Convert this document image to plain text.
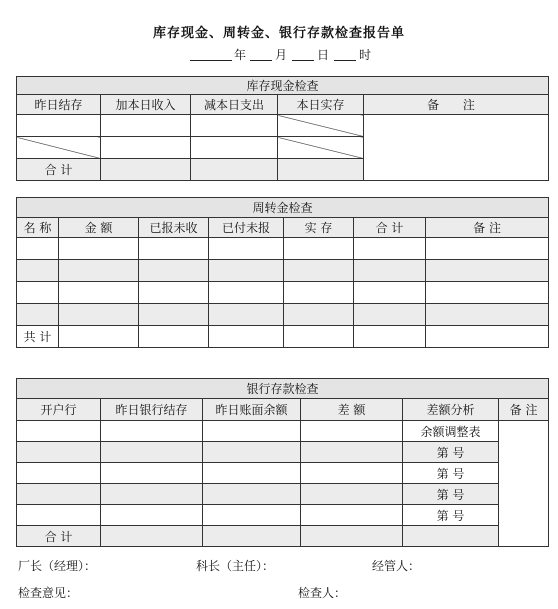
库存现金、周转金、银行存款检查报告单
年 月 日 时
库存现金检查				
昨日结存	加本日收入	减本日支出	本日实存	备 注

合 计				
周转金检查						
名 称	金 额	已报未收	已付未报	实 存	合 计	备 注

共 计						
银行存款检查					
开户行	昨日银行结存	昨日账面余额	差 额	差额分析	备 注
				余额调整表	
				第 号	
				第 号	
				第 号	
				第 号	
合 计					
厂长（经理）：	科长（主任）：	经管人：
检查意见：	检查人：
